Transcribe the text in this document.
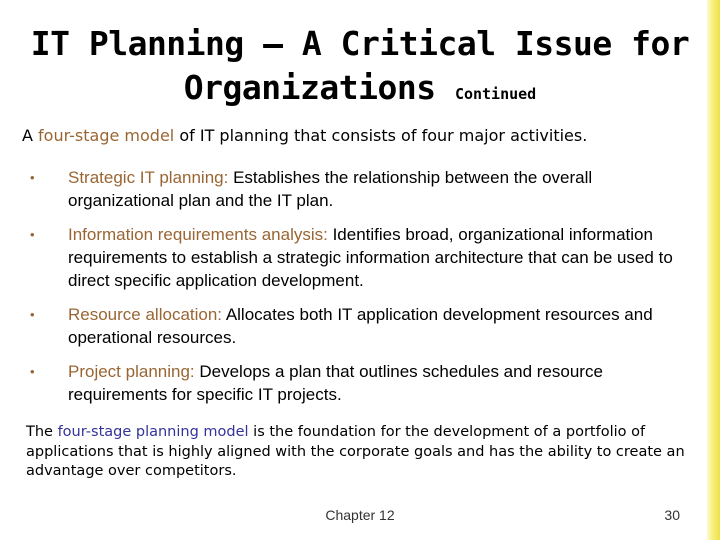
IT Planning — A Critical Issue for
Organizations Continued
A four-stage model of IT planning that consists of four major activities.
• Strategic IT planning: Establishes the relationship between the overall organizational plan and the IT plan.
• Information requirements analysis: Identifies broad, organizational information requirements to establish a strategic information architecture that can be used to direct specific application development.
• Resource allocation: Allocates both IT application development resources and operational resources.
• Project planning: Develops a plan that outlines schedules and resource requirements for specific IT projects.
The four-stage planning model is the foundation for the development of a portfolio of applications that is highly aligned with the corporate goals and has the ability to create an advantage over competitors.
Chapter 12	30
